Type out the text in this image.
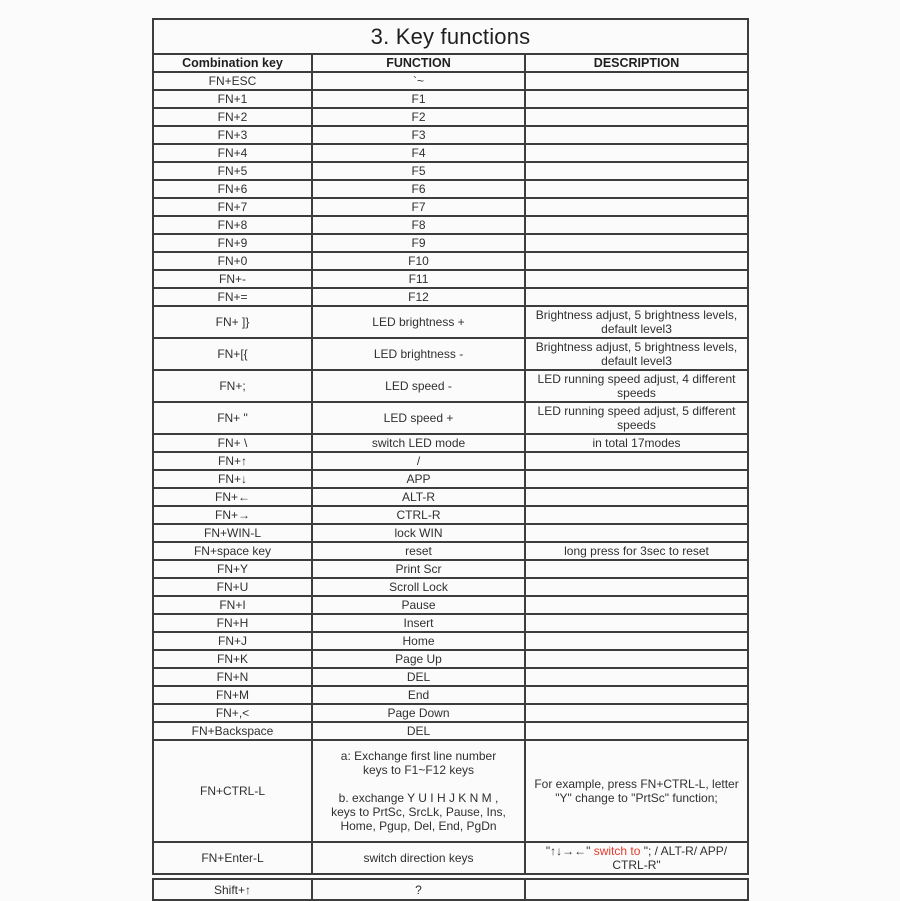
3. Key functions		
Combination key	FUNCTION	DESCRIPTION
FN+ESC	`~	
FN+1	F1	
FN+2	F2	
FN+3	F3	
FN+4	F4	
FN+5	F5	
FN+6	F6	
FN+7	F7	
FN+8	F8	
FN+9	F9	
FN+0	F10	
FN+-	F11	
FN+=	F12	
FN+ ]}	LED brightness +	Brightness adjust, 5 brightness levels, default level3
FN+[{	LED brightness -	Brightness adjust, 5 brightness levels, default level3
FN+;	LED speed -	LED running speed adjust, 4 different speeds
FN+ "	LED speed +	LED running speed adjust, 5 different speeds
FN+ \	switch LED mode	in total 17modes
FN+↑	/	
FN+↓	APP	
FN+←	ALT-R	
FN+→	CTRL-R	
FN+WIN-L	lock WIN	
FN+space key	reset	long press for 3sec to reset
FN+Y	Print Scr	
FN+U	Scroll Lock	
FN+I	Pause	
FN+H	Insert	
FN+J	Home	
FN+K	Page Up	
FN+N	DEL	
FN+M	End	
FN+,<	Page Down	
FN+Backspace	DEL	
FN+CTRL-L	a: Exchange first line number
keys to F1~F12 keys

b. exchange Y U I H J K N M ,
keys to PrtSc, SrcLk, Pause, Ins,
Home, Pgup, Del, End, PgDn	For example, press FN+CTRL-L, letter "Y" change to "PrtSc" function;
FN+Enter-L	switch direction keys	"↑↓→←" switch to "; / ALT-R/ APP/ CTRL-R"
Shift+↑	?	
